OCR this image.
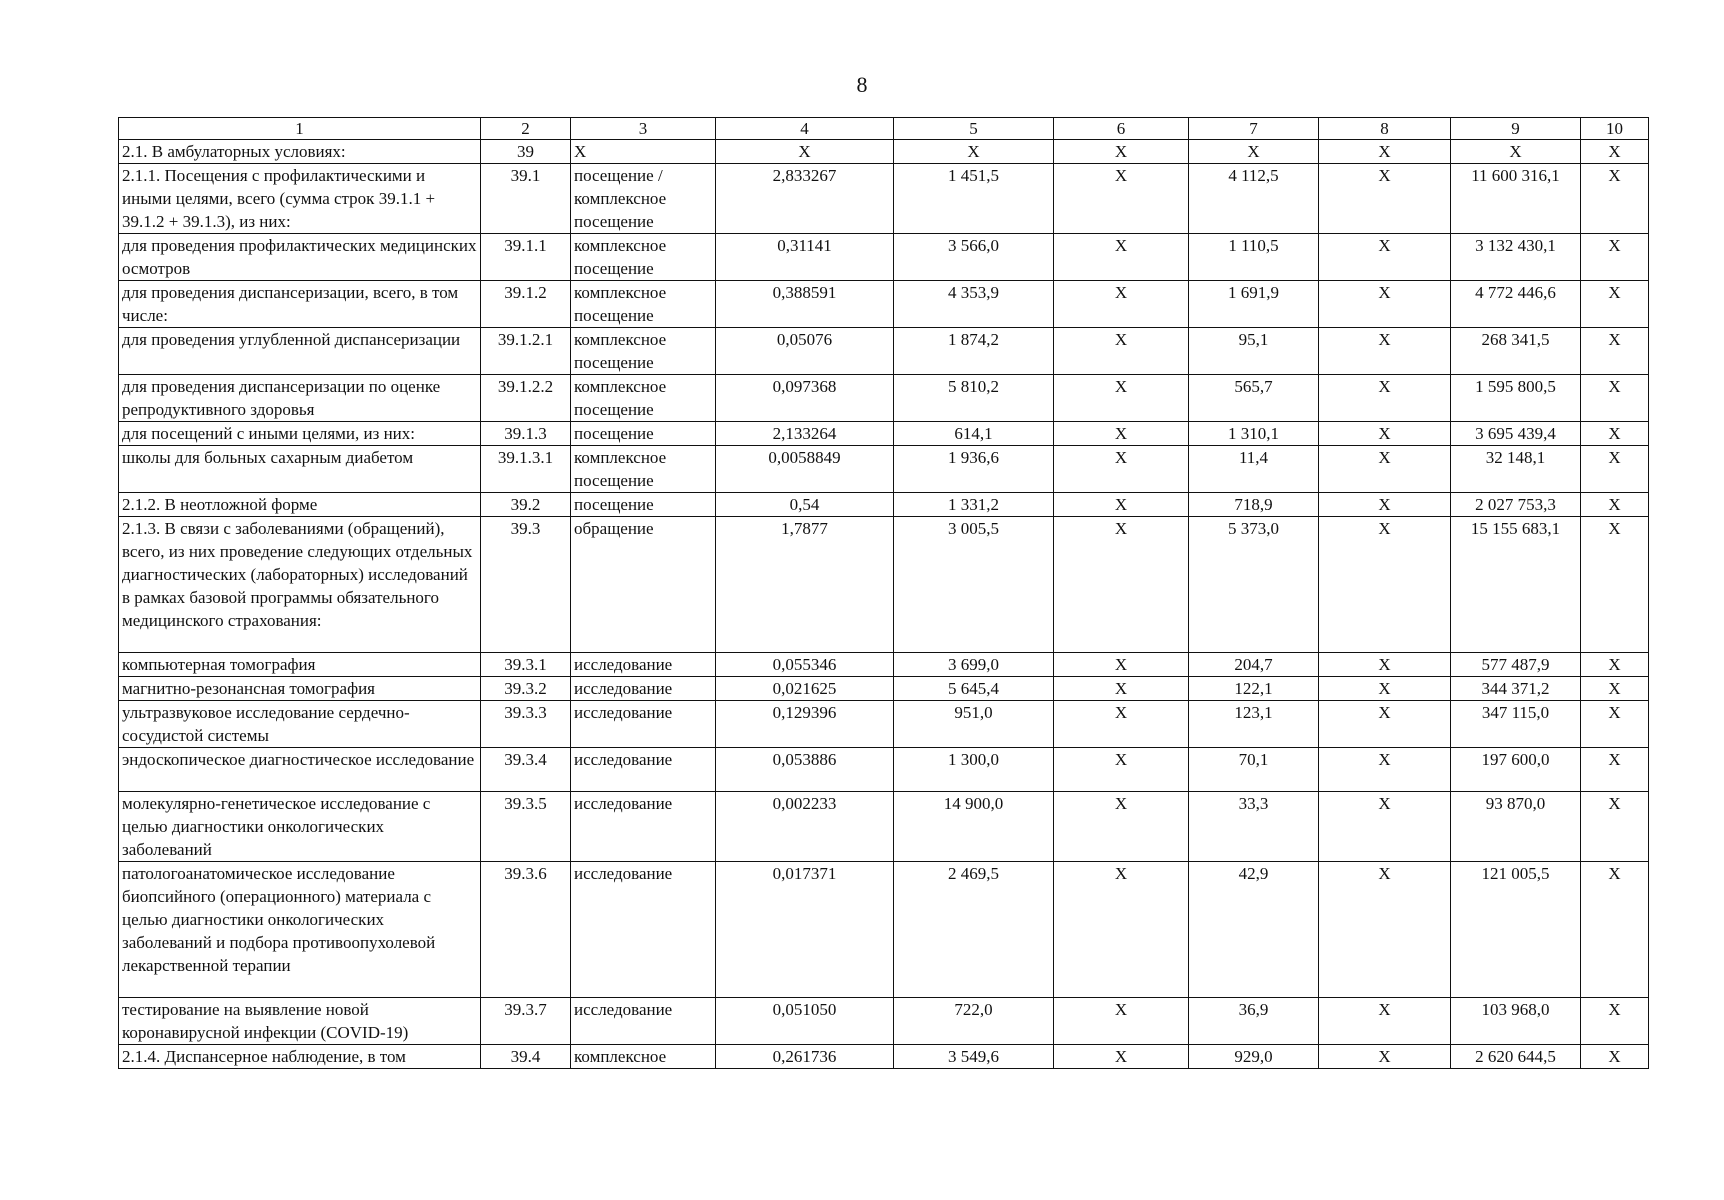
8
1	2	3	4	5	6	7	8	9	10
2.1. В амбулаторных условиях:	39	X	X	X	X	X	X	X	X
2.1.1. Посещения с профилактическими и иными целями, всего (сумма строк 39.1.1 + 39.1.2 + 39.1.3), из них:	39.1	посещение / комплексное посещение	2,833267	1 451,5	X	4 112,5	X	11 600 316,1	X
для проведения профилактических медицинских осмотров	39.1.1	комплексное посещение	0,31141	3 566,0	X	1 110,5	X	3 132 430,1	X
для проведения диспансеризации, всего, в том числе:	39.1.2	комплексное посещение	0,388591	4 353,9	X	1 691,9	X	4 772 446,6	X
для проведения углубленной диспансеризации	39.1.2.1	комплексное посещение	0,05076	1 874,2	X	95,1	X	268 341,5	X
для проведения диспансеризации по оценке репродуктивного здоровья	39.1.2.2	комплексное посещение	0,097368	5 810,2	X	565,7	X	1 595 800,5	X
для посещений с иными целями, из них:	39.1.3	посещение	2,133264	614,1	X	1 310,1	X	3 695 439,4	X
школы для больных сахарным диабетом	39.1.3.1	комплексное посещение	0,0058849	1 936,6	X	11,4	X	32 148,1	X
2.1.2. В неотложной форме	39.2	посещение	0,54	1 331,2	X	718,9	X	2 027 753,3	X
2.1.3. В связи с заболеваниями (обращений), всего, из них проведение следующих отдельных диагностических (лабораторных) исследований в рамках базовой программы обязательного медицинского страхования:	39.3	обращение	1,7877	3 005,5	X	5 373,0	X	15 155 683,1	X
компьютерная томография	39.3.1	исследование	0,055346	3 699,0	X	204,7	X	577 487,9	X
магнитно-резонансная томография	39.3.2	исследование	0,021625	5 645,4	X	122,1	X	344 371,2	X
ультразвуковое исследование сердечно-сосудистой системы	39.3.3	исследование	0,129396	951,0	X	123,1	X	347 115,0	X
эндоскопическое диагностическое исследование	39.3.4	исследование	0,053886	1 300,0	X	70,1	X	197 600,0	X
молекулярно-генетическое исследование с целью диагностики онкологических заболеваний	39.3.5	исследование	0,002233	14 900,0	X	33,3	X	93 870,0	X
патологоанатомическое исследование биопсийного (операционного) материала с целью диагностики онкологических заболеваний и подбора противоопухолевой лекарственной терапии	39.3.6	исследование	0,017371	2 469,5	X	42,9	X	121 005,5	X
тестирование на выявление новой коронавирусной инфекции (COVID-19)	39.3.7	исследование	0,051050	722,0	X	36,9	X	103 968,0	X
2.1.4. Диспансерное наблюдение, в том	39.4	комплексное	0,261736	3 549,6	X	929,0	X	2 620 644,5	X
